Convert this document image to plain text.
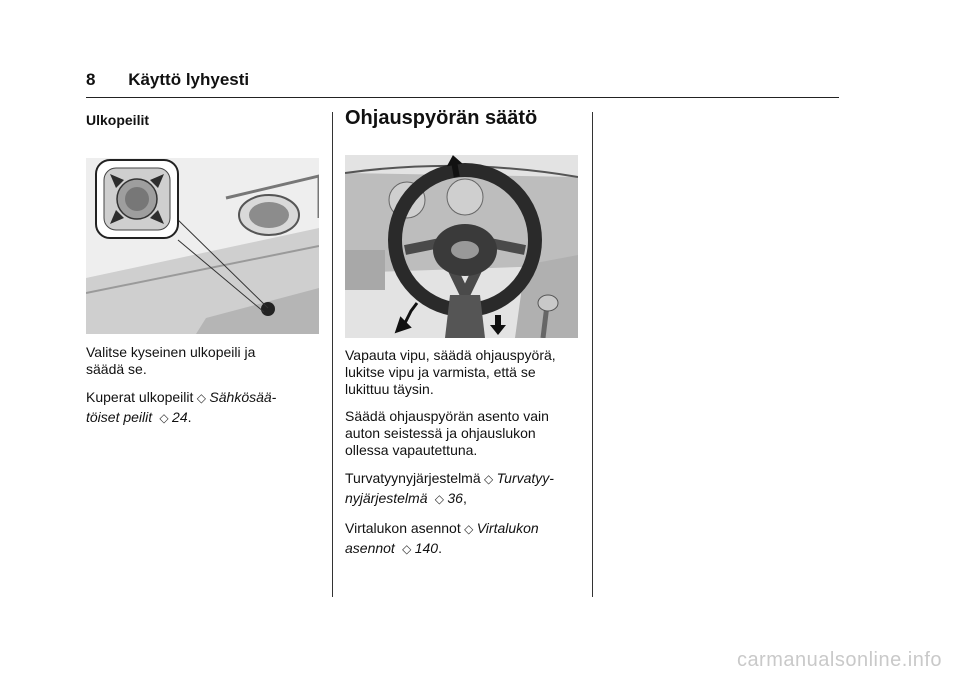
8 Käyttö lyhyesti
Ulkopeilit

Valitse kyseinen ulkopeili ja
säädä se.

Kuperat ulkopeilit ◇ Sähkösää-
töiset peilit ◇ 24.

Ohjauspyörän säätö

Vapauta vipu, säädä ohjauspyörä,
lukitse vipu ja varmista, että se
lukittuu täysin.

Säädä ohjauspyörän asento vain
auton seistessä ja ohjauslukon
ollessa vapautettuna.

Turvatyynyjärjestelmä ◇ Turvatyy-
nyjärjestelmä ◇ 36,

Virtalukon asennot ◇ Virtalukon
asennot ◇ 140.

carmanualsonline.info
